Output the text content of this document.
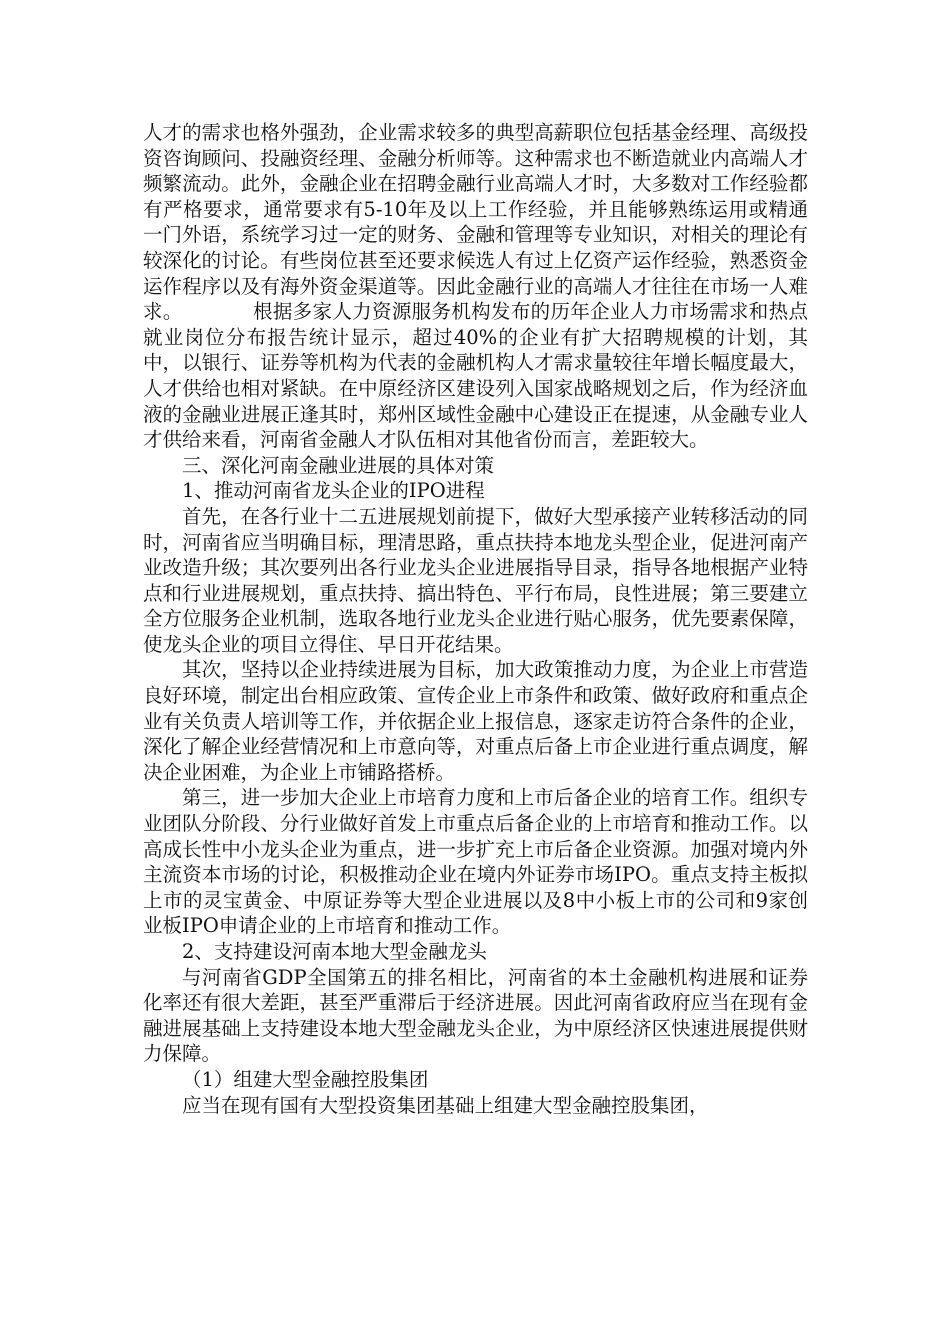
人才的需求也格外强劲，企业需求较多的典型高薪职位包括基金经理、高级投资咨询顾问、投融资经理、金融分析师等。这种需求也不断造就业内高端人才频繁流动。此外，金融企业在招聘金融行业高端人才时，大多数对工作经验都有严格要求，通常要求有5-10年及以上工作经验，并且能够熟练运用或精通一门外语，系统学习过一定的财务、金融和管理等专业知识，对相关的理论有较深化的讨论。有些岗位甚至还要求候选人有过上亿资产运作经验，熟悉资金运作程序以及有海外资金渠道等。因此金融行业的高端人才往往在市场一人难求。	根据多家人力资源服务机构发布的历年企业人力市场需求和热点就业岗位分布报告统计显示，超过40%的企业有扩大招聘规模的计划，其中，以银行、证券等机构为代表的金融机构人才需求量较往年增长幅度最大，人才供给也相对紧缺。在中原经济区建设列入国家战略规划之后，作为经济血液的金融业进展正逢其时，郑州区域性金融中心建设正在提速，从金融专业人才供给来看，河南省金融人才队伍相对其他省份而言，差距较大。

三、深化河南金融业进展的具体对策

1、推动河南省龙头企业的IPO进程

首先，在各行业十二五进展规划前提下，做好大型承接产业转移活动的同时，河南省应当明确目标，理清思路，重点扶持本地龙头型企业，促进河南产业改造升级；其次要列出各行业龙头企业进展指导目录，指导各地根据产业特点和行业进展规划，重点扶持、搞出特色、平行布局，良性进展；第三要建立全方位服务企业机制，选取各地行业龙头企业进行贴心服务，优先要素保障，使龙头企业的项目立得住、早日开花结果。

其次，坚持以企业持续进展为目标，加大政策推动力度，为企业上市营造良好环境，制定出台相应政策、宣传企业上市条件和政策、做好政府和重点企业有关负责人培训等工作，并依据企业上报信息，逐家走访符合条件的企业，深化了解企业经营情况和上市意向等，对重点后备上市企业进行重点调度，解决企业困难，为企业上市铺路搭桥。

第三，进一步加大企业上市培育力度和上市后备企业的培育工作。组织专业团队分阶段、分行业做好首发上市重点后备企业的上市培育和推动工作。以高成长性中小龙头企业为重点，进一步扩充上市后备企业资源。加强对境内外主流资本市场的讨论，积极推动企业在境内外证券市场IPO。重点支持主板拟上市的灵宝黄金、中原证券等大型企业进展以及8中小板上市的公司和9家创业板IPO申请企业的上市培育和推动工作。

2、支持建设河南本地大型金融龙头

与河南省GDP全国第五的排名相比，河南省的本土金融机构进展和证券化率还有很大差距，甚至严重滞后于经济进展。因此河南省政府应当在现有金融进展基础上支持建设本地大型金融龙头企业，为中原经济区快速进展提供财力保障。

（1）组建大型金融控股集团

应当在现有国有大型投资集团基础上组建大型金融控股集团，
